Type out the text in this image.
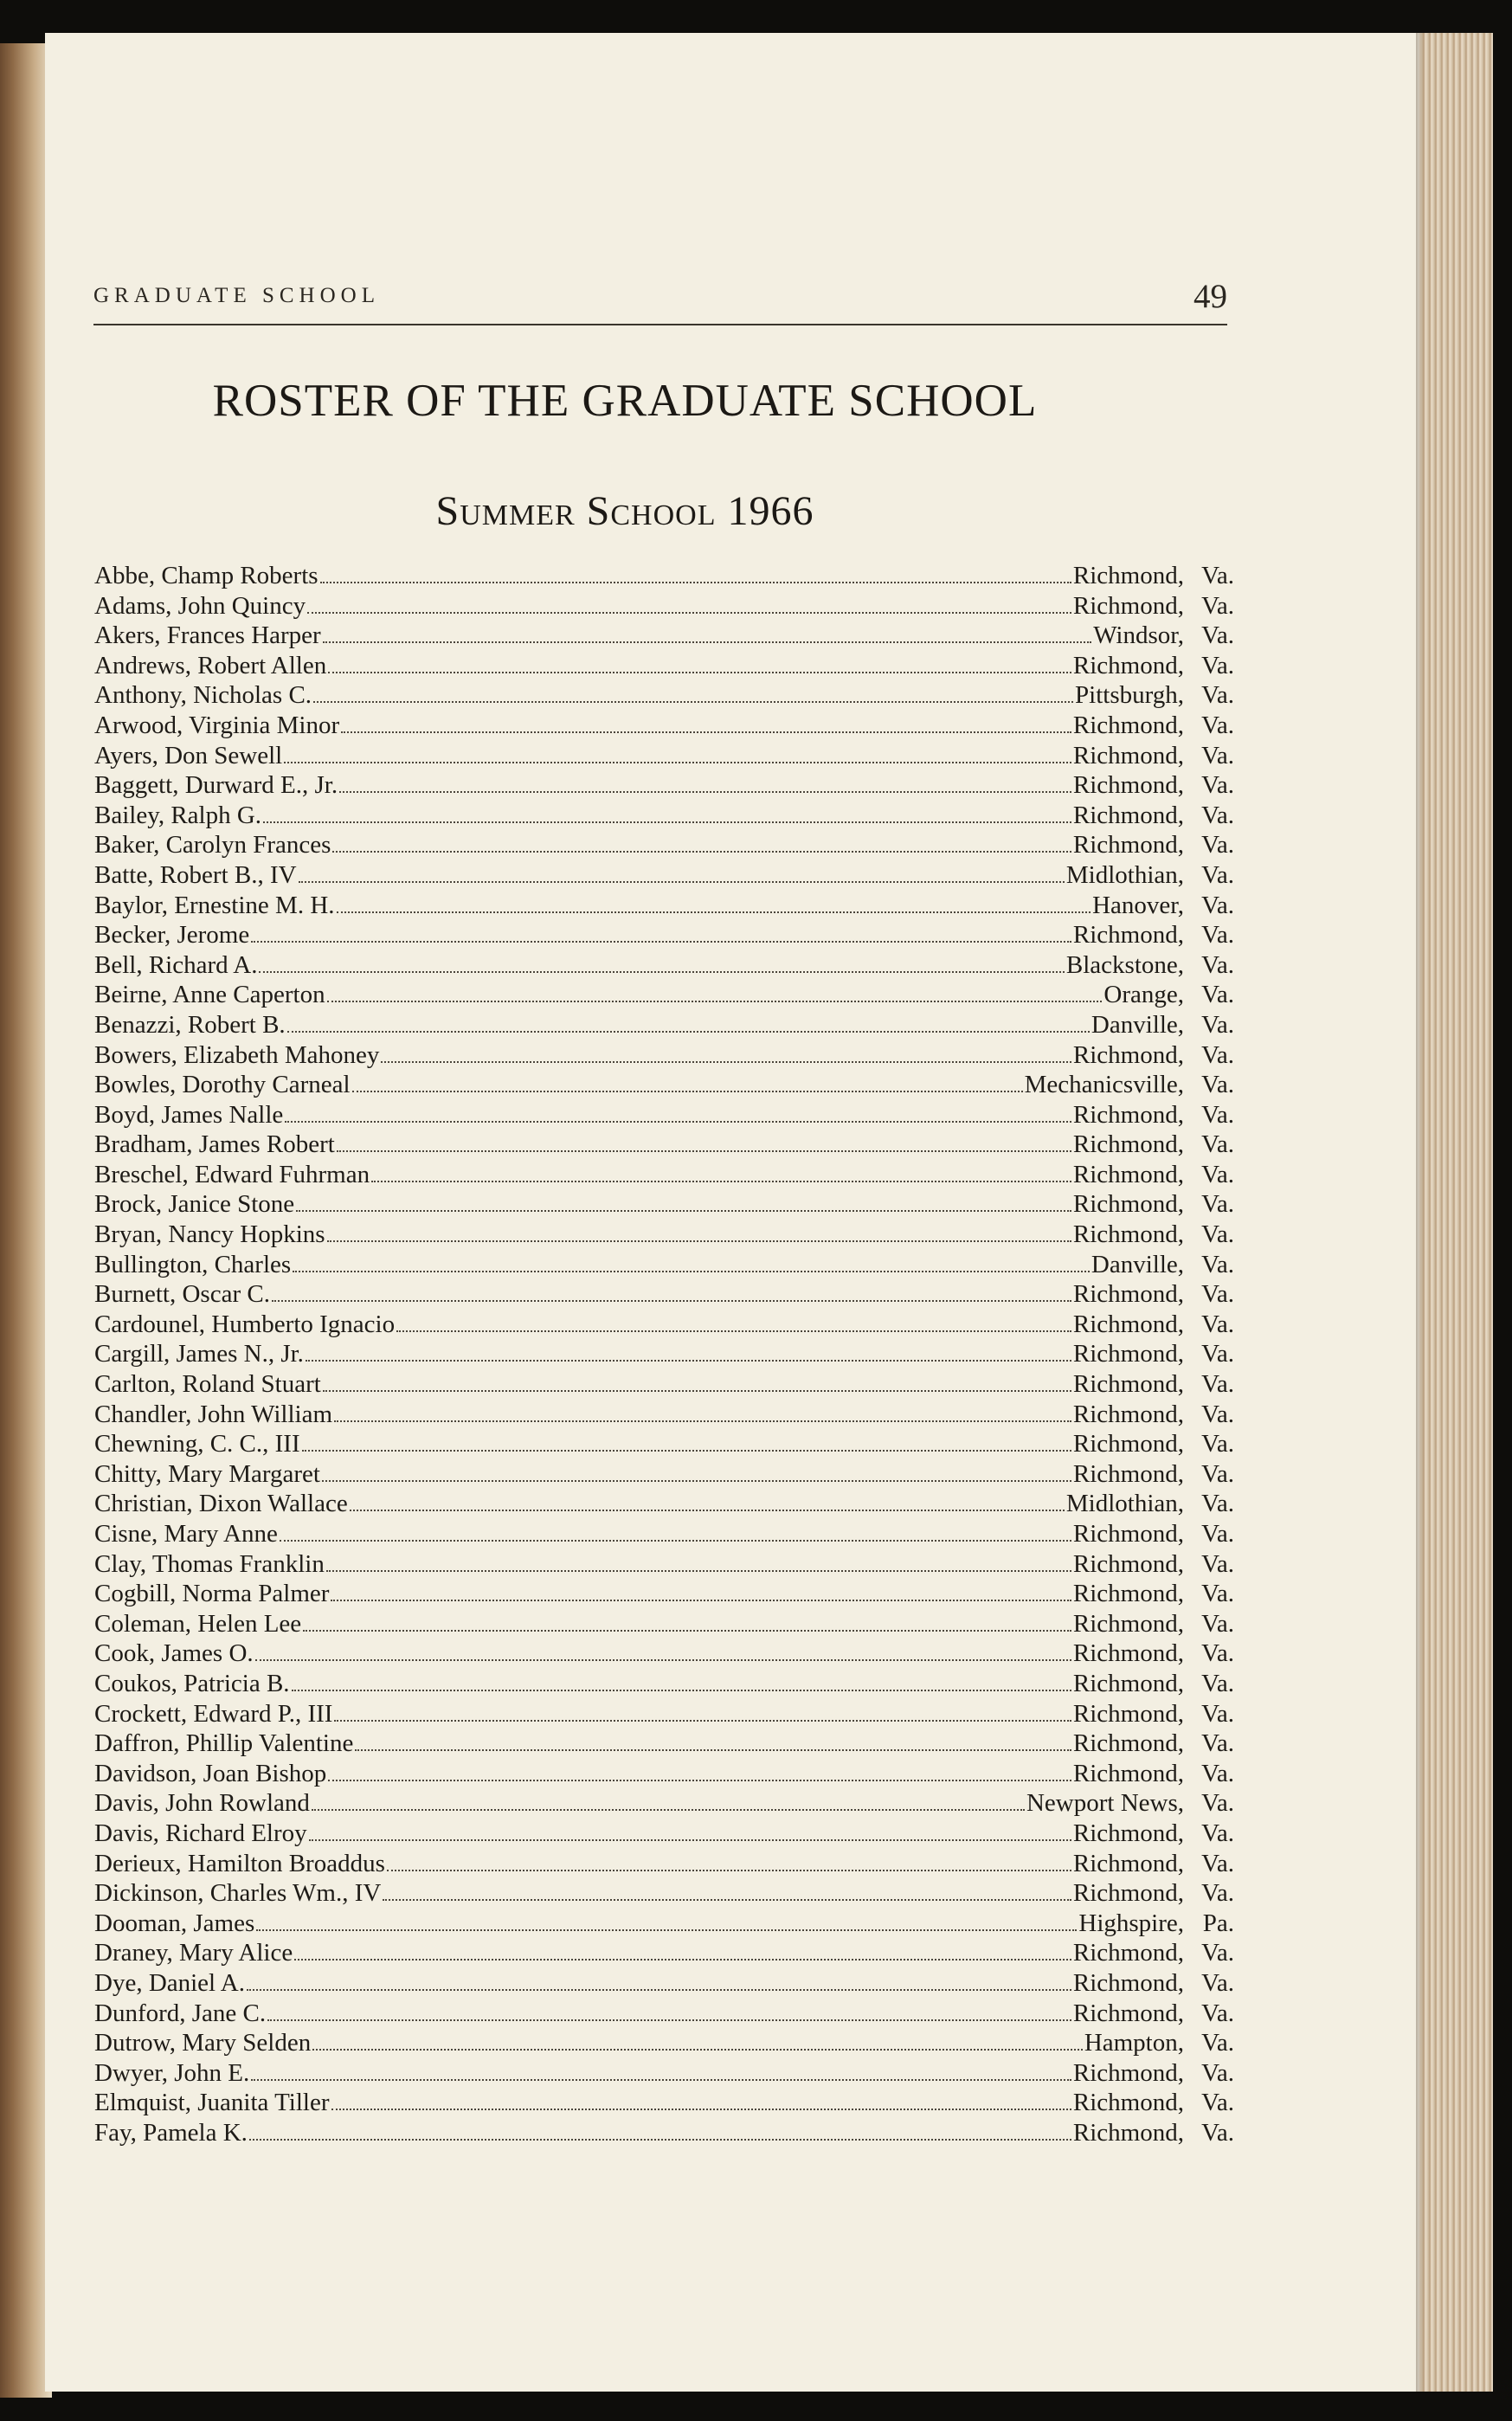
GRADUATE SCHOOL	49
ROSTER OF THE GRADUATE SCHOOL
Summer School 1966
Abbe, Champ Roberts	Richmond, Va.
Adams, John Quincy	Richmond, Va.
Akers, Frances Harper	Windsor, Va.
Andrews, Robert Allen	Richmond, Va.
Anthony, Nicholas C.	Pittsburgh, Va.
Arwood, Virginia Minor	Richmond, Va.
Ayers, Don Sewell	Richmond, Va.
Baggett, Durward E., Jr.	Richmond, Va.
Bailey, Ralph G.	Richmond, Va.
Baker, Carolyn Frances	Richmond, Va.
Batte, Robert B., IV	Midlothian, Va.
Baylor, Ernestine M. H.	Hanover, Va.
Becker, Jerome	Richmond, Va.
Bell, Richard A.	Blackstone, Va.
Beirne, Anne Caperton	Orange, Va.
Benazzi, Robert B.	Danville, Va.
Bowers, Elizabeth Mahoney	Richmond, Va.
Bowles, Dorothy Carneal	Mechanicsville, Va.
Boyd, James Nalle	Richmond, Va.
Bradham, James Robert	Richmond, Va.
Breschel, Edward Fuhrman	Richmond, Va.
Brock, Janice Stone	Richmond, Va.
Bryan, Nancy Hopkins	Richmond, Va.
Bullington, Charles	Danville, Va.
Burnett, Oscar C.	Richmond, Va.
Cardounel, Humberto Ignacio	Richmond, Va.
Cargill, James N., Jr.	Richmond, Va.
Carlton, Roland Stuart	Richmond, Va.
Chandler, John William	Richmond, Va.
Chewning, C. C., III	Richmond, Va.
Chitty, Mary Margaret	Richmond, Va.
Christian, Dixon Wallace	Midlothian, Va.
Cisne, Mary Anne	Richmond, Va.
Clay, Thomas Franklin	Richmond, Va.
Cogbill, Norma Palmer	Richmond, Va.
Coleman, Helen Lee	Richmond, Va.
Cook, James O.	Richmond, Va.
Coukos, Patricia B.	Richmond, Va.
Crockett, Edward P., III	Richmond, Va.
Daffron, Phillip Valentine	Richmond, Va.
Davidson, Joan Bishop	Richmond, Va.
Davis, John Rowland	Newport News, Va.
Davis, Richard Elroy	Richmond, Va.
Derieux, Hamilton Broaddus	Richmond, Va.
Dickinson, Charles Wm., IV	Richmond, Va.
Dooman, James	Highspire, Pa.
Draney, Mary Alice	Richmond, Va.
Dye, Daniel A.	Richmond, Va.
Dunford, Jane C.	Richmond, Va.
Dutrow, Mary Selden	Hampton, Va.
Dwyer, John E.	Richmond, Va.
Elmquist, Juanita Tiller	Richmond, Va.
Fay, Pamela K.	Richmond, Va.
